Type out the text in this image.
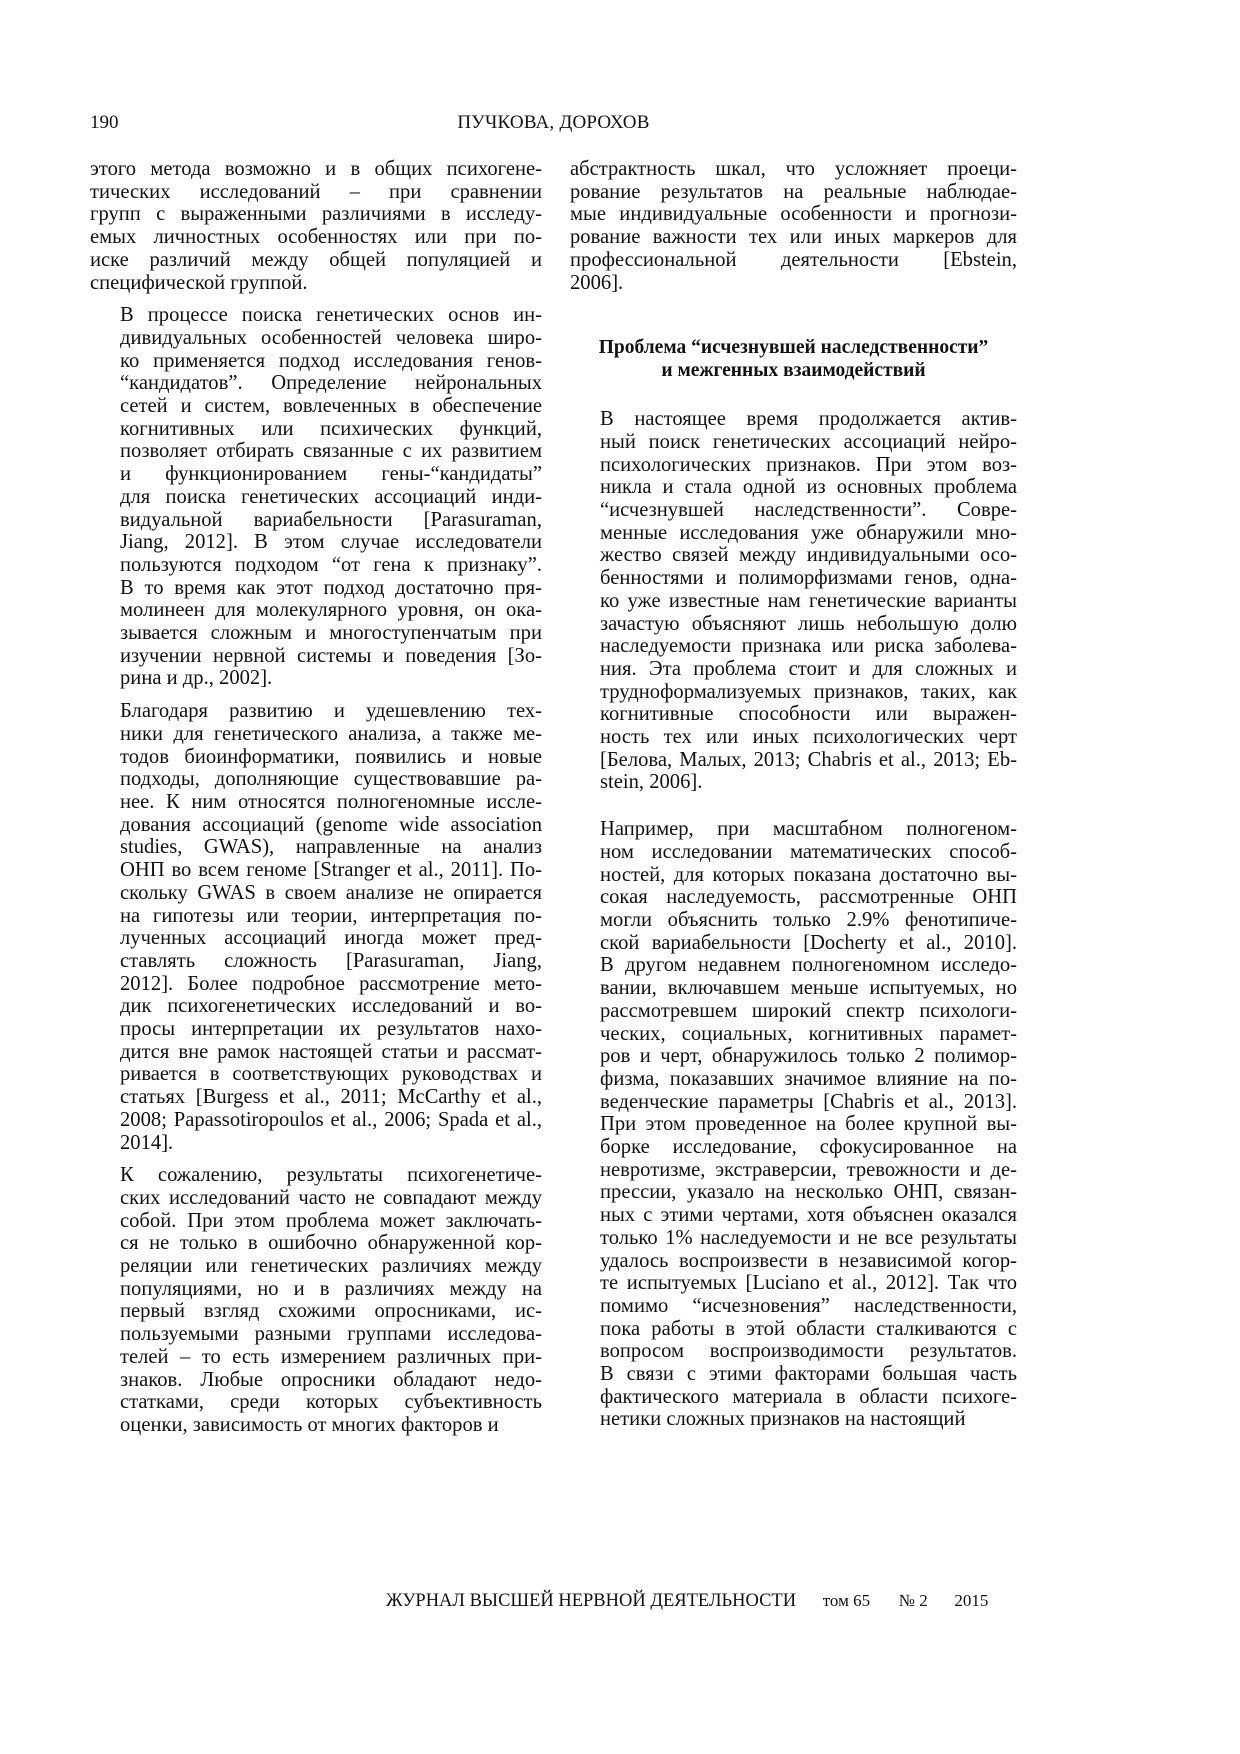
190	ПУЧКОВА, ДОРОХОВ

этого метода возможно и в общих психогене-
тических исследований – при сравнении
групп с выраженными различиями в исследу-
емых личностных особенностях или при по-
иске различий между общей популяцией и
специфической группой.

В процессе поиска генетических основ ин-
дивидуальных особенностей человека широ-
ко применяется подход исследования генов-
“кандидатов”. Определение нейрональных
сетей и систем, вовлеченных в обеспечение
когнитивных или психических функций,
позволяет отбирать связанные с их развитием
и функционированием гены-“кандидаты”
для поиска генетических ассоциаций инди-
видуальной вариабельности [Parasuraman,
Jiang, 2012]. В этом случае исследователи
пользуются подходом “от гена к признаку”.
В то время как этот подход достаточно пря-
молинеен для молекулярного уровня, он ока-
зывается сложным и многоступенчатым при
изучении нервной системы и поведения [Зо-
рина и др., 2002].

Благодаря развитию и удешевлению тех-
ники для генетического анализа, а также ме-
тодов биоинформатики, появились и новые
подходы, дополняющие существовавшие ра-
нее. К ним относятся полногеномные иссле-
дования ассоциаций (genome wide association
studies, GWAS), направленные на анализ
ОНП во всем геноме [Stranger et al., 2011]. По-
скольку GWAS в своем анализе не опирается
на гипотезы или теории, интерпретация по-
лученных ассоциаций иногда может пред-
ставлять сложность [Parasuraman, Jiang,
2012]. Более подробное рассмотрение мето-
дик психогенетических исследований и во-
просы интерпретации их результатов нахо-
дится вне рамок настоящей статьи и рассмат-
ривается в соответствующих руководствах и
статьях [Burgess et al., 2011; McCarthy et al.,
2008; Papassotiropoulos et al., 2006; Spada et al.,
2014].

К сожалению, результаты психогенетиче-
ских исследований часто не совпадают между
собой. При этом проблема может заключать-
ся не только в ошибочно обнаруженной кор-
реляции или генетических различиях между
популяциями, но и в различиях между на
первый взгляд схожими опросниками, ис-
пользуемыми разными группами исследова-
телей – то есть измерением различных при-
знаков. Любые опросники обладают недо-
статками, среди которых субъективность
оценки, зависимость от многих факторов и

абстрактность шкал, что усложняет проеци-
рование результатов на реальные наблюдае-
мые индивидуальные особенности и прогнози-
рование важности тех или иных маркеров для
профессиональной деятельности [Ebstein,
2006].

Проблема “исчезнувшей наследственности”
и межгенных взаимодействий

В настоящее время продолжается актив-
ный поиск генетических ассоциаций нейро-
психологических признаков. При этом воз-
никла и стала одной из основных проблема
“исчезнувшей наследственности”. Совре-
менные исследования уже обнаружили мно-
жество связей между индивидуальными осо-
бенностями и полиморфизмами генов, одна-
ко уже известные нам генетические варианты
зачастую объясняют лишь небольшую долю
наследуемости признака или риска заболева-
ния. Эта проблема стоит и для сложных и
трудноформализуемых признаков, таких, как
когнитивные способности или выражен-
ность тех или иных психологических черт
[Белова, Малых, 2013; Chabris et al., 2013; Eb-
stein, 2006].

Например, при масштабном полногеном-
ном исследовании математических способ-
ностей, для которых показана достаточно вы-
сокая наследуемость, рассмотренные ОНП
могли объяснить только 2.9% фенотипиче-
ской вариабельности [Docherty et al., 2010].
В другом недавнем полногеномном исследо-
вании, включавшем меньше испытуемых, но
рассмотревшем широкий спектр психологи-
ческих, социальных, когнитивных парамет-
ров и черт, обнаружилось только 2 полимор-
физма, показавших значимое влияние на по-
веденческие параметры [Chabris et al., 2013].
При этом проведенное на более крупной вы-
борке исследование, сфокусированное на
невротизме, экстраверсии, тревожности и де-
прессии, указало на несколько ОНП, связан-
ных с этими чертами, хотя объяснен оказался
только 1% наследуемости и не все результаты
удалось воспроизвести в независимой когор-
те испытуемых [Luciano et al., 2012]. Так что
помимо “исчезновения” наследственности,
пока работы в этой области сталкиваются с
вопросом воспроизводимости результатов.
В связи с этими факторами большая часть
фактического материала в области психоге-
нетики сложных признаков на настоящий

ЖУРНАЛ ВЫСШЕЙ НЕРВНОЙ ДЕЯТЕЛЬНОСТИ том 65 № 2 2015
